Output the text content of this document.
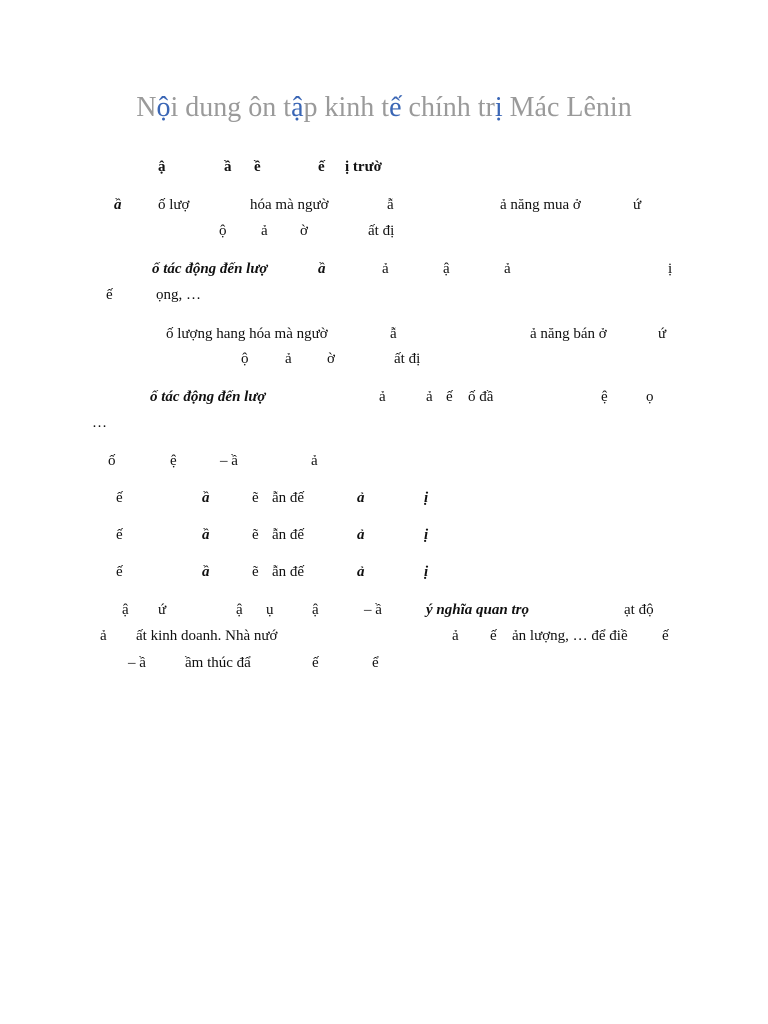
Nội dung ôn tập kinh tế chính trị Mác Lênin
ậ	ầ ề	ế ị trườ
ầ ố lượ	hóa mà ngườ	ẫ	ả năng mua ở	ứ
ộ ả ờ	ất đị
ố tác động đến lượ	ầ	ả	ậ	ả	ị
ế	ọng, …
ố lượng hang hóa mà ngườ	ẫ	ả năng bán ở	ứ
ộ ả ờ	ất đị
ố tác động đến lượ	ả	ả ế ố đầ	ệ	ọ
…
ố	ệ	– ầ	ả
ế	ầ	ẽ ẫn đế	ả	ị
ế	ầ	ẽ ẫn đế	ả	ị
ế	ầ	ẽ ẫn đế	ả	ị
ậ ứ	ậ ụ	ậ	– ầ	ý nghĩa quan trọ	ạt độ
ả ất kinh doanh. Nhà nướ	ả ế ản lượng, … để điề ế
– ầ	ầm thúc đẩ	ế	ể
